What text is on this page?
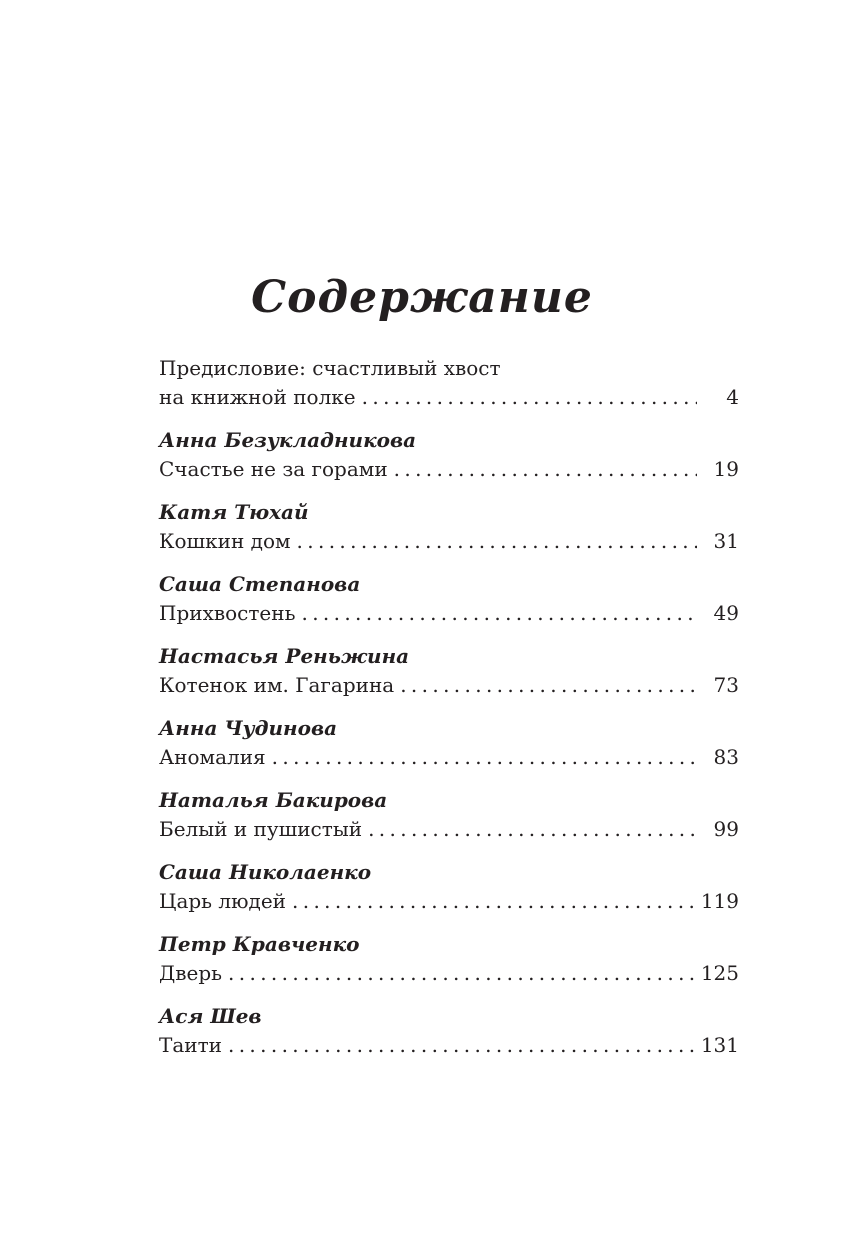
Содержание
Предисловие: счастливый хвост
на книжной полке . . .	4
Анна Безукладникова
Счастье не за горами . . .	19
Катя Тюхай
Кошкин дом . . .	31
Саша Степанова
Прихвостень . . .	49
Настасья Реньжина
Котенок им. Гагарина . . .	73
Анна Чудинова
Аномалия . . .	83
Наталья Бакирова
Белый и пушистый . . .	99
Саша Николаенко
Царь людей . . .	119
Петр Кравченко
Дверь . . .	125
Ася Шев
Таити . . .	131
